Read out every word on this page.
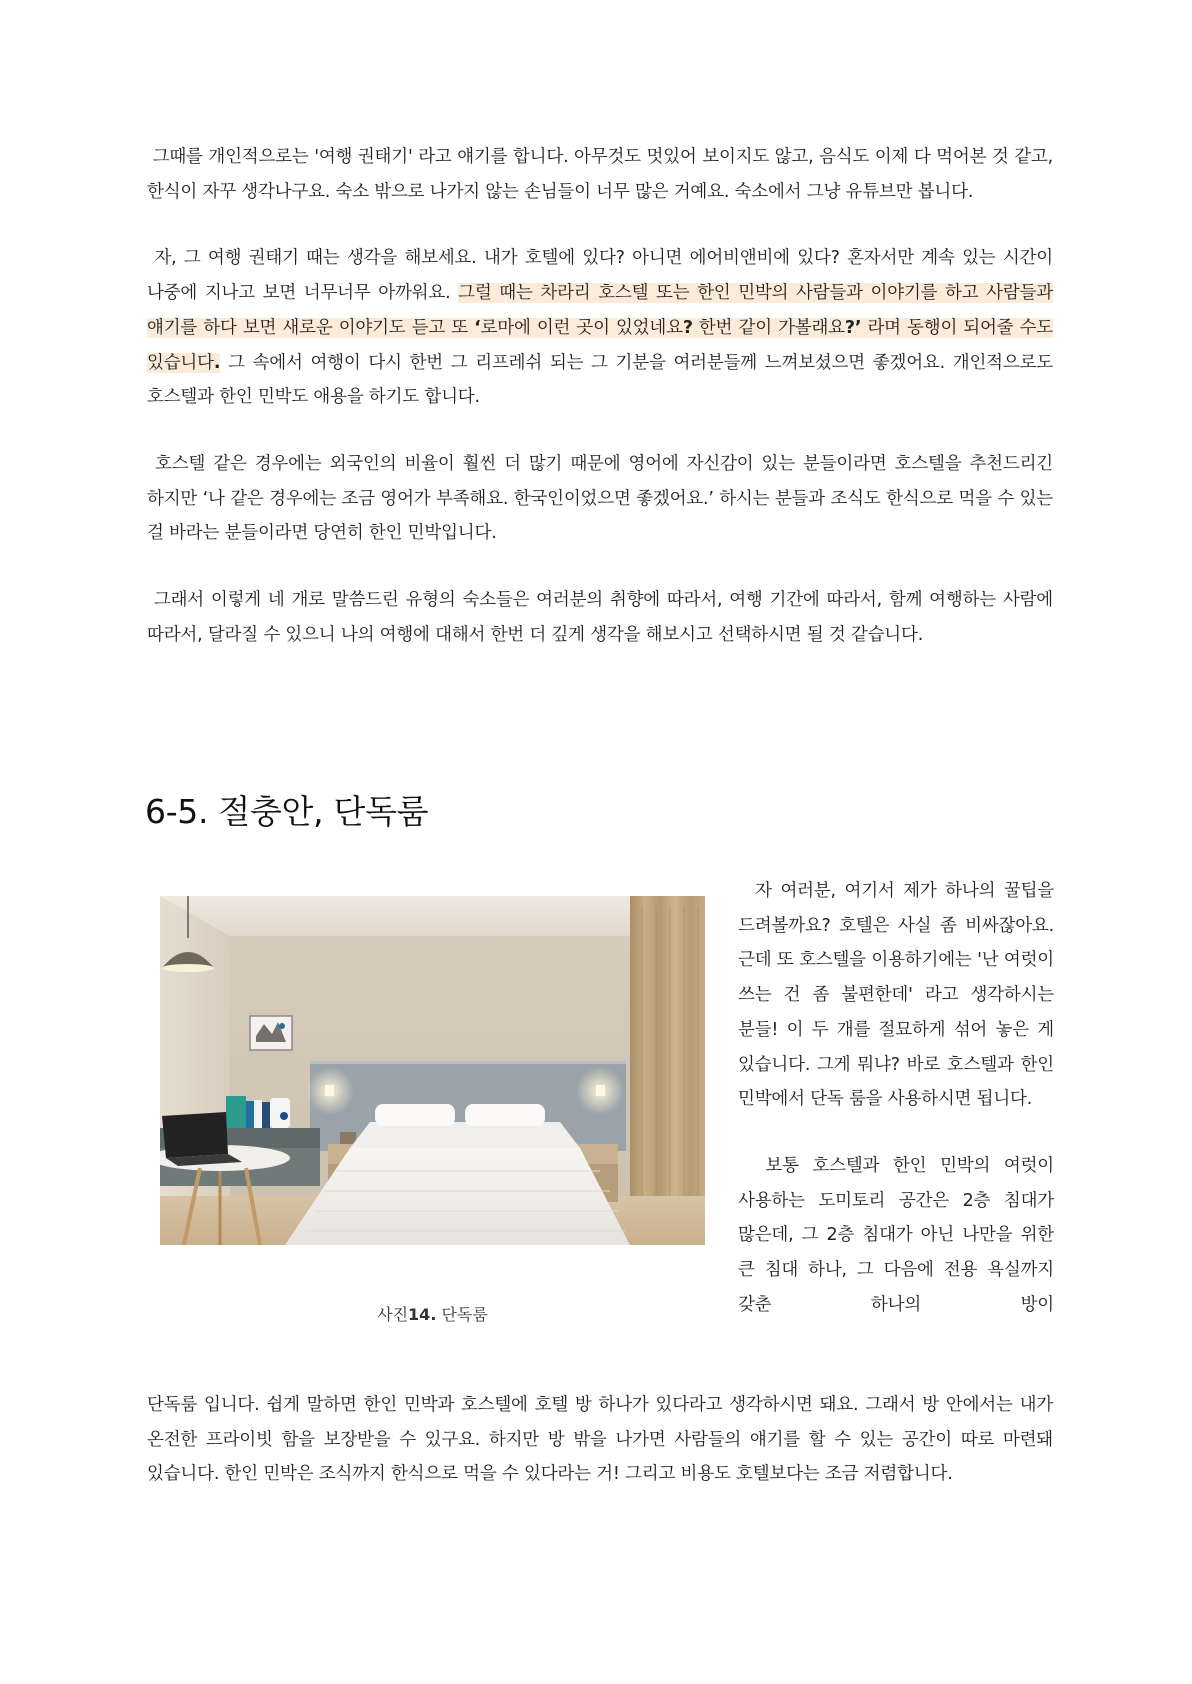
그때를 개인적으로는 '여행 권태기' 라고 얘기를 합니다. 아무것도 멋있어 보이지도 않고, 음식도 이제 다 먹어본 것 같고, 한식이 자꾸 생각나구요. 숙소 밖으로 나가지 않는 손님들이 너무 많은 거예요. 숙소에서 그냥 유튜브만 봅니다.

자, 그 여행 권태기 때는 생각을 해보세요. 내가 호텔에 있다? 아니면 에어비앤비에 있다? 혼자서만 계속 있는 시간이 나중에 지나고 보면 너무너무 아까워요. 그럴 때는 차라리 호스텔 또는 한인 민박의 사람들과 이야기를 하고 사람들과 얘기를 하다 보면 새로운 이야기도 듣고 또 ‘로마에 이런 곳이 있었네요? 한번 같이 가볼래요?’ 라며 동행이 되어줄 수도 있습니다. 그 속에서 여행이 다시 한번 그 리프레쉬 되는 그 기분을 여러분들께 느껴보셨으면 좋겠어요. 개인적으로도 호스텔과 한인 민박도 애용을 하기도 합니다.

호스텔 같은 경우에는 외국인의 비율이 훨씬 더 많기 때문에 영어에 자신감이 있는 분들이라면 호스텔을 추천드리긴 하지만 ‘나 같은 경우에는 조금 영어가 부족해요. 한국인이었으면 좋겠어요.’ 하시는 분들과 조식도 한식으로 먹을 수 있는 걸 바라는 분들이라면 당연히 한인 민박입니다.

그래서 이렇게 네 개로 말씀드린 유형의 숙소들은 여러분의 취향에 따라서, 여행 기간에 따라서, 함께 여행하는 사람에 따라서, 달라질 수 있으니 나의 여행에 대해서 한번 더 깊게 생각을 해보시고 선택하시면 될 것 같습니다.

6-5. 절충안, 단독룸
사진14. 단독룸

자 여러분, 여기서 제가 하나의 꿀팁을 드려볼까요? 호텔은 사실 좀 비싸잖아요. 근데 또 호스텔을 이용하기에는 '난 여럿이 쓰는 건 좀 불편한데' 라고 생각하시는 분들! 이 두 개를 절묘하게 섞어 놓은 게 있습니다. 그게 뭐냐? 바로 호스텔과 한인 민박에서 단독 룸을 사용하시면 됩니다.

보통 호스텔과 한인 민박의 여럿이 사용하는 도미토리 공간은 2층 침대가 많은데, 그 2층 침대가 아닌 나만을 위한 큰 침대 하나, 그 다음에 전용 욕실까지 갖춘 하나의 방이

단독룸 입니다. 쉽게 말하면 한인 민박과 호스텔에 호텔 방 하나가 있다라고 생각하시면 돼요. 그래서 방 안에서는 내가 온전한 프라이빗 함을 보장받을 수 있구요. 하지만 방 밖을 나가면 사람들의 얘기를 할 수 있는 공간이 따로 마련돼 있습니다. 한인 민박은 조식까지 한식으로 먹을 수 있다라는 거! 그리고 비용도 호텔보다는 조금 저렴합니다.
